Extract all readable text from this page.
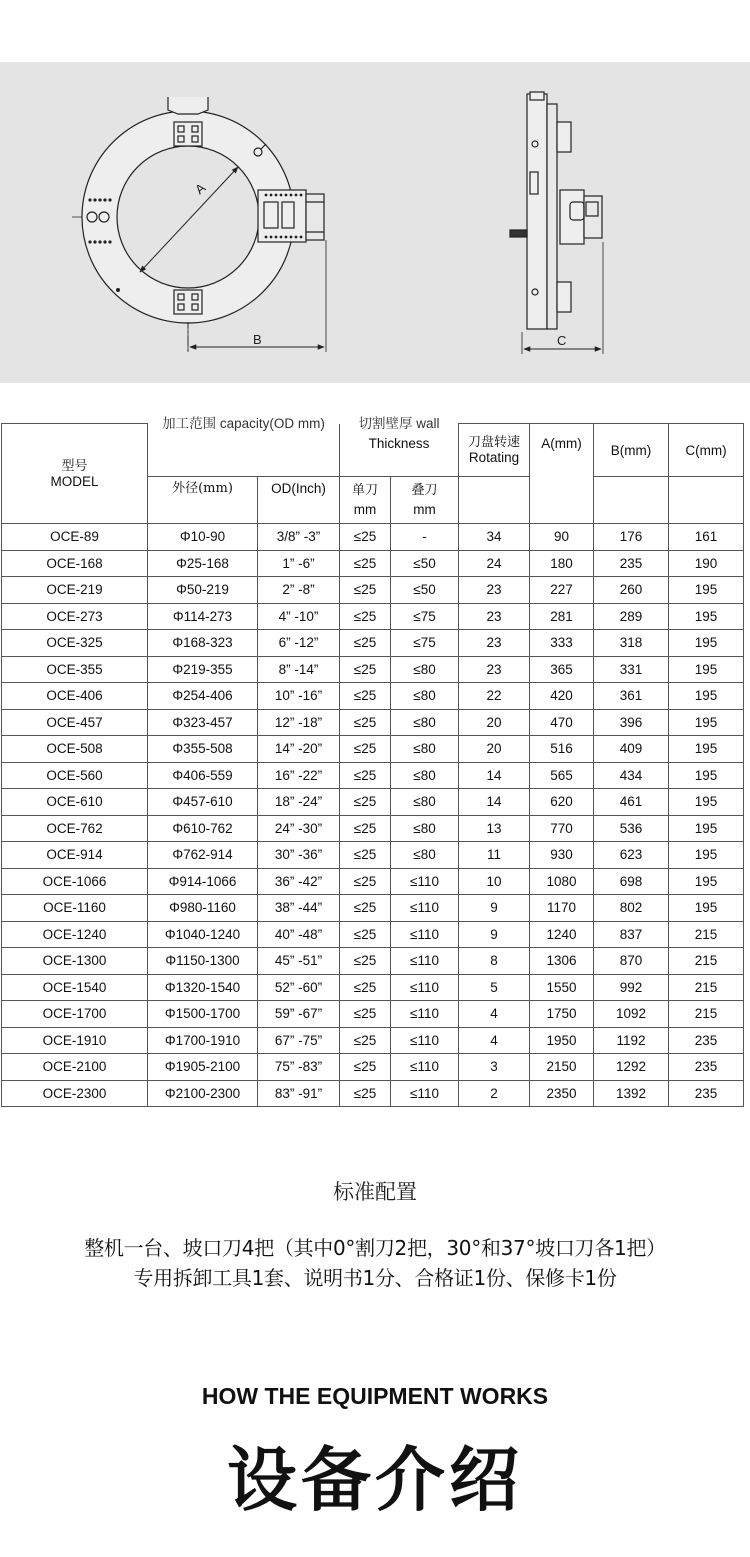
A
B	C
型号
MODEL	加工范围 capacity(OD mm)		切割壁厚 wall
Thickness		刀盘转速
Rotating	A(mm)	B(mm)	C(mm)
	外径(mm)	OD(Inch)	单刀
mm	叠刀
mm				

OCE-89	Φ10-90	3/8” -3”	≤25	-	34	90	176	161
OCE-168	Φ25-168	1” -6”	≤25	≤50	24	180	235	190
OCE-219	Φ50-219	2” -8”	≤25	≤50	23	227	260	195
OCE-273	Φ114-273	4” -10”	≤25	≤75	23	281	289	195
OCE-325	Φ168-323	6” -12”	≤25	≤75	23	333	318	195
OCE-355	Φ219-355	8” -14”	≤25	≤80	23	365	331	195
OCE-406	Φ254-406	10” -16”	≤25	≤80	22	420	361	195
OCE-457	Φ323-457	12” -18”	≤25	≤80	20	470	396	195
OCE-508	Φ355-508	14” -20”	≤25	≤80	20	516	409	195
OCE-560	Φ406-559	16” -22”	≤25	≤80	14	565	434	195
OCE-610	Φ457-610	18” -24”	≤25	≤80	14	620	461	195
OCE-762	Φ610-762	24” -30”	≤25	≤80	13	770	536	195
OCE-914	Φ762-914	30” -36”	≤25	≤80	11	930	623	195
OCE-1066	Φ914-1066	36” -42”	≤25	≤110	10	1080	698	195
OCE-1160	Φ980-1160	38” -44”	≤25	≤110	9	1170	802	195
OCE-1240	Φ1040-1240	40” -48”	≤25	≤110	9	1240	837	215
OCE-1300	Φ1150-1300	45” -51”	≤25	≤110	8	1306	870	215
OCE-1540	Φ1320-1540	52” -60”	≤25	≤110	5	1550	992	215
OCE-1700	Φ1500-1700	59” -67”	≤25	≤110	4	1750	1092	215
OCE-1910	Φ1700-1910	67” -75”	≤25	≤110	4	1950	1192	235
OCE-2100	Φ1905-2100	75” -83”	≤25	≤110	3	2150	1292	235
OCE-2300	Φ2100-2300	83” -91”	≤25	≤110	2	2350	1392	235
标准配置
整机一台、坡口刀4把（其中0°割刀2把，30°和37°坡口刀各1把）
专用拆卸工具1套、说明书1分、合格证1份、保修卡1份
HOW THE EQUIPMENT WORKS
设备介绍
